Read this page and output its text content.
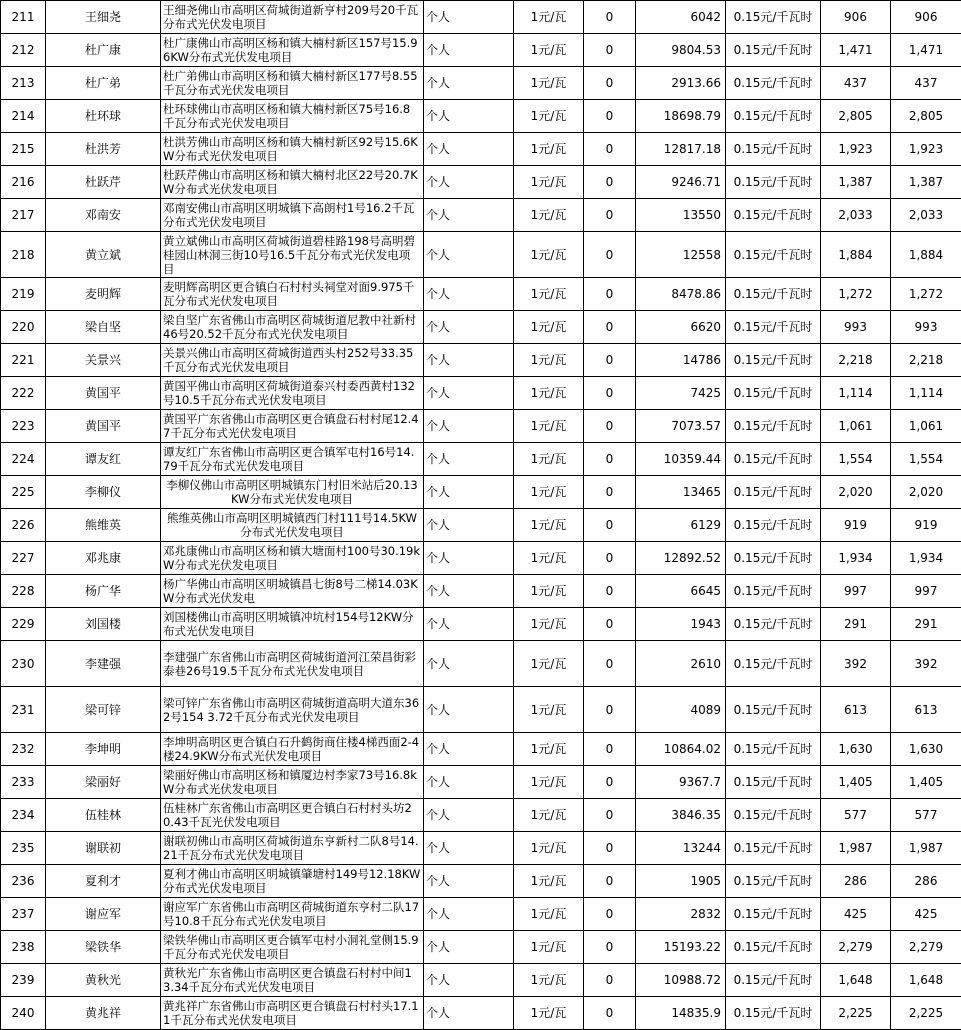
211	王细尧	王细尧佛山市高明区荷城街道新亨村209号20千瓦分布式光伏发电项目	个人	1元/瓦	0	6042	0.15元/千瓦时	906	906
212	杜广康	杜广康佛山市高明区杨和镇大楠村新区157号15.96KW分布式光伏发电项目	个人	1元/瓦	0	9804.53	0.15元/千瓦时	1,471	1,471
213	杜广弟	杜广弟佛山市高明区杨和镇大楠村新区177号8.55千瓦分布式光伏发电项目	个人	1元/瓦	0	2913.66	0.15元/千瓦时	437	437
214	杜环球	杜环球佛山市高明区杨和镇大楠村新区75号16.8千瓦分布式光伏发电项目	个人	1元/瓦	0	18698.79	0.15元/千瓦时	2,805	2,805
215	杜洪芳	杜洪芳佛山市高明区杨和镇大楠村新区92号15.6KW分布式光伏发电项目	个人	1元/瓦	0	12817.18	0.15元/千瓦时	1,923	1,923
216	杜跃芹	杜跃芹佛山市高明区杨和镇大楠村北区22号20.7KW分布式光伏发电项目	个人	1元/瓦	0	9246.71	0.15元/千瓦时	1,387	1,387
217	邓南安	邓南安佛山市高明区明城镇下高朗村1号16.2千瓦分布式光伏发电项目	个人	1元/瓦	0	13550	0.15元/千瓦时	2,033	2,033
218	黄立斌	黄立斌佛山市高明区荷城街道碧桂路198号高明碧桂园山林洞三街10号16.5千瓦分布式光伏发电项目	个人	1元/瓦	0	12558	0.15元/千瓦时	1,884	1,884
219	麦明辉	麦明辉高明区更合镇白石村村头祠堂对面9.975千瓦分布式光伏发电项目	个人	1元/瓦	0	8478.86	0.15元/千瓦时	1,272	1,272
220	梁自坚	梁自坚广东省佛山市高明区荷城街道尼教中社新村46号20.52千瓦分布式光伏发电项目	个人	1元/瓦	0	6620	0.15元/千瓦时	993	993
221	关景兴	关景兴佛山市高明区荷城街道西头村252号33.35千瓦分布式光伏发电项目	个人	1元/瓦	0	14786	0.15元/千瓦时	2,218	2,218
222	黄国平	黄国平佛山市高明区荷城街道泰兴村委西黄村132号10.5千瓦分布式光伏发电项目	个人	1元/瓦	0	7425	0.15元/千瓦时	1,114	1,114
223	黄国平	黄国平广东省佛山市高明区更合镇盘石村村尾12.47千瓦分布式光伏发电项目	个人	1元/瓦	0	7073.57	0.15元/千瓦时	1,061	1,061
224	谭友红	谭友红广东省佛山市高明区更合镇军屯村16号14.79千瓦分布式光伏发电项目	个人	1元/瓦	0	10359.44	0.15元/千瓦时	1,554	1,554
225	李柳仪	李柳仪佛山市高明区明城镇东门村旧米站后20.13KW分布式光伏发电项目	个人	1元/瓦	0	13465	0.15元/千瓦时	2,020	2,020
226	熊维英	熊维英佛山市高明区明城镇西门村111号14.5KW分布式光伏发电项目	个人	1元/瓦	0	6129	0.15元/千瓦时	919	919
227	邓兆康	邓兆康佛山市高明区杨和镇大塘面村100号30.19kW分布式光伏发电项目	个人	1元/瓦	0	12892.52	0.15元/千瓦时	1,934	1,934
228	杨广华	杨广华佛山市高明区明城镇昌七街8号二梯14.03KW分布式光伏发电	个人	1元/瓦	0	6645	0.15元/千瓦时	997	997
229	刘国楼	刘国楼佛山市高明区明城镇冲坑村154号12KW分布式光伏发电项目	个人	1元/瓦	0	1943	0.15元/千瓦时	291	291
230	李建强	李建强广东省佛山市高明区荷城街道河江荣昌街彩泰巷26号19.5千瓦分布式光伏发电项目	个人	1元/瓦	0	2610	0.15元/千瓦时	392	392
231	梁可锌	梁可锌广东省佛山市高明区荷城街道高明大道东362号154 3.72千瓦分布式光伏发电项目	个人	1元/瓦	0	4089	0.15元/千瓦时	613	613
232	李坤明	李坤明高明区更合镇白石升鹤街商住楼4梯西面2-4楼24.9KW分布式光伏发电项目	个人	1元/瓦	0	10864.02	0.15元/千瓦时	1,630	1,630
233	梁丽好	梁丽好佛山市高明区杨和镇厦边村李家73号16.8kW分布式光伏发电项目	个人	1元/瓦	0	9367.7	0.15元/千瓦时	1,405	1,405
234	伍桂林	伍桂林广东省佛山市高明区更合镇白石村村头坊20.43千瓦光伏发电项目	个人	1元/瓦	0	3846.35	0.15元/千瓦时	577	577
235	谢联初	谢联初佛山市高明区荷城街道东亨新村二队8号14.21千瓦分布式光伏发电项目	个人	1元/瓦	0	13244	0.15元/千瓦时	1,987	1,987
236	夏利才	夏利才佛山市高明区明城镇肇塘村149号12.18KW分布式光伏发电项目	个人	1元/瓦	0	1905	0.15元/千瓦时	286	286
237	谢应军	谢应军广东省佛山市高明区荷城街道东亨村二队17号10.8千瓦分布式光伏发电项目	个人	1元/瓦	0	2832	0.15元/千瓦时	425	425
238	梁铁华	梁铁华佛山市高明区更合镇军屯村小洞礼堂侧15.9千瓦分布式光伏发电项目	个人	1元/瓦	0	15193.22	0.15元/千瓦时	2,279	2,279
239	黄秋光	黄秋光广东省佛山市高明区更合镇盘石村村中间13.34千瓦分布式光伏发电项目	个人	1元/瓦	0	10988.72	0.15元/千瓦时	1,648	1,648
240	黄兆祥	黄兆祥广东省佛山市高明区更合镇盘石村村头17.11千瓦分布式光伏发电项目	个人	1元/瓦	0	14835.9	0.15元/千瓦时	2,225	2,225
